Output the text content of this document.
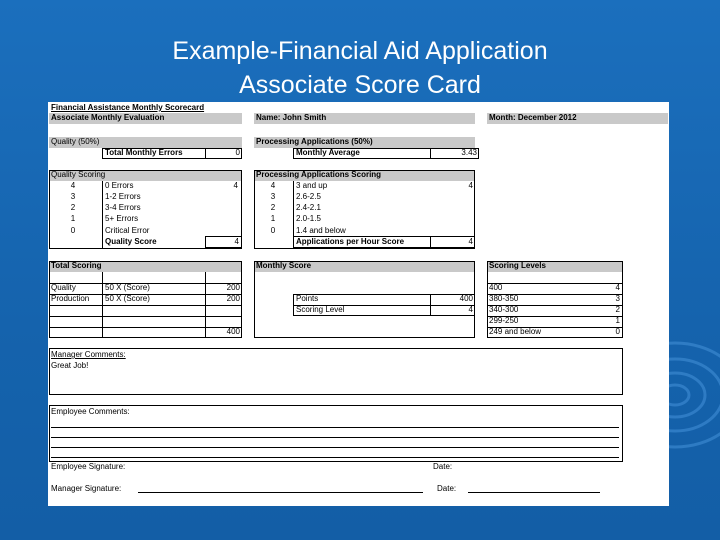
Example-Financial Aid Application
Associate Score Card
Financial Assistance Monthly Scorecard
Associate Monthly Evaluation	Name: John Smith	Month: December 2012
Quality (50%)
Total Monthly Errors	0
Processing Applications (50%)
Monthly Average	3.43
Quality Scoring
4	0 Errors	4
3	1-2 Errors
2	3-4 Errors
1	5+ Errors
0	Critical Error
Quality Score	4
Processing Applications Scoring
4	3 and up	4
3	2.6-2.5
2	2.4-2.1
1	2.0-1.5
0	1.4 and below
Applications per Hour Score	4
Total Scoring
Quality	50 X (Score)	200
Production	50 X (Score)	200
400
Monthly Score
Points	400
Scoring Level	4
Scoring Levels
400	4
380-350	3
340-300	2
299-250	1
249 and below	0
Manager Comments:
Great Job!
Employee Comments:
Employee Signature:	Date:
Manager Signature:	Date:
